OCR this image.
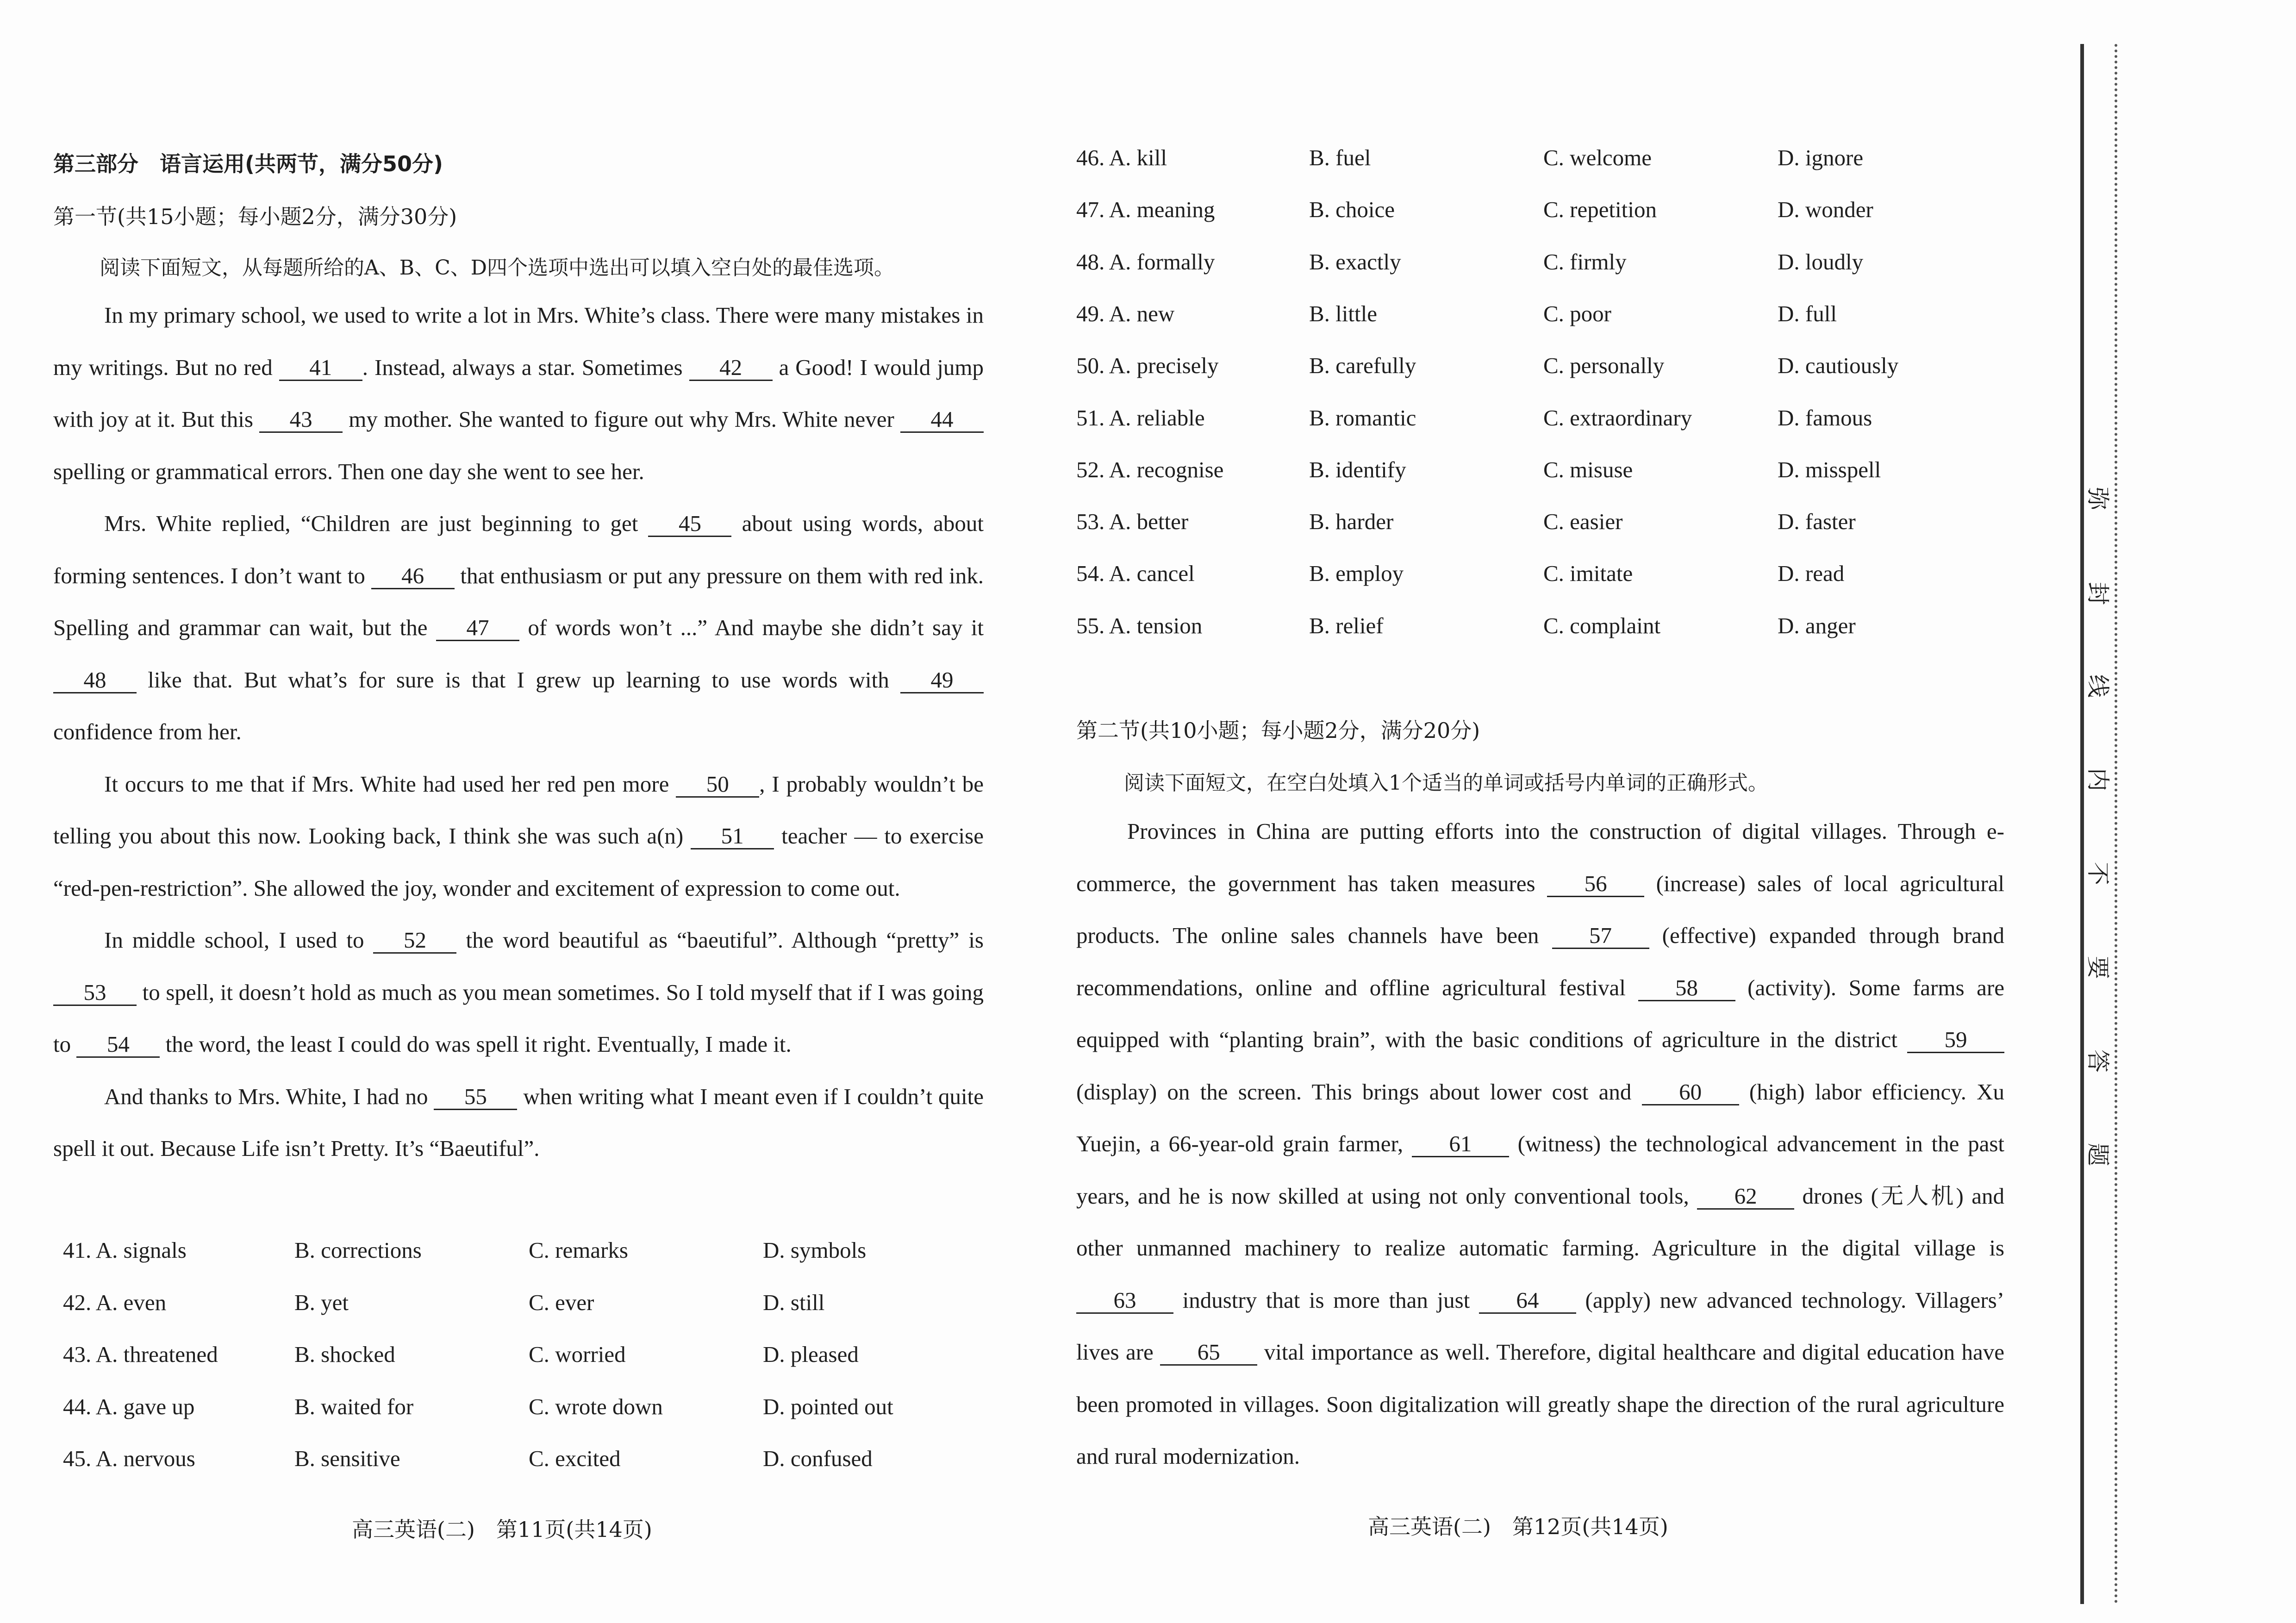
第三部分　语言运用(共两节，满分50分)
第一节(共15小题；每小题2分，满分30分)
阅读下面短文，从每题所给的A、B、C、D四个选项中选出可以填入空白处的最佳选项。

In my primary school, we used to write a lot in Mrs. White’s class. There were many mistakes in my writings. But no red 41 . Instead, always a star. Sometimes 42 a Good! I would jump with joy at it. But this 43 my mother. She wanted to figure out why Mrs. White never 44 spelling or grammatical errors. Then one day she went to see her.

Mrs. White replied, “Children are just beginning to get 45 about using words, about forming sentences. I don’t want to 46 that enthusiasm or put any pressure on them with red ink. Spelling and grammar can wait, but the 47 of words won’t ...” And maybe she didn’t say it 48 like that. But what’s for sure is that I grew up learning to use words with 49 confidence from her.

It occurs to me that if Mrs. White had used her red pen more 50 , I probably wouldn’t be telling you about this now. Looking back, I think she was such a(n) 51 teacher — to exercise “red-pen-restriction”. She allowed the joy, wonder and excitement of expression to come out.

In middle school, I used to 52 the word beautiful as “baeutiful”. Although “pretty” is 53 to spell, it doesn’t hold as much as you mean sometimes. So I told myself that if I was going to 54 the word, the least I could do was spell it right. Eventually, I made it.

And thanks to Mrs. White, I had no 55 when writing what I meant even if I couldn’t quite spell it out. Because Life isn’t Pretty. It’s “Baeutiful”.

41. A. signals	B. corrections	C. remarks	D. symbols
42. A. even	B. yet	C. ever	D. still
43. A. threatened	B. shocked	C. worried	D. pleased
44. A. gave up	B. waited for	C. wrote down	D. pointed out
45. A. nervous	B. sensitive	C. excited	D. confused
高三英语(二)　第11页(共14页)
46. A. kill	B. fuel	C. welcome	D. ignore
47. A. meaning	B. choice	C. repetition	D. wonder
48. A. formally	B. exactly	C. firmly	D. loudly
49. A. new	B. little	C. poor	D. full
50. A. precisely	B. carefully	C. personally	D. cautiously
51. A. reliable	B. romantic	C. extraordinary	D. famous
52. A. recognise	B. identify	C. misuse	D. misspell
53. A. better	B. harder	C. easier	D. faster
54. A. cancel	B. employ	C. imitate	D. read
55. A. tension	B. relief	C. complaint	D. anger
第二节(共10小题；每小题2分，满分20分)
阅读下面短文，在空白处填入1个适当的单词或括号内单词的正确形式。

Provinces in China are putting efforts into the construction of digital villages. Through e-commerce, the government has taken measures 56 (increase) sales of local agricultural products. The online sales channels have been 57 (effective) expanded through brand recommendations, online and offline agricultural festival 58 (activity). Some farms are equipped with “planting brain”, with the basic conditions of agriculture in the district 59 (display) on the screen. This brings about lower cost and 60 (high) labor efficiency. Xu Yuejin, a 66-year-old grain farmer, 61 (witness) the technological advancement in the past years, and he is now skilled at using not only conventional tools, 62 drones (无人机) and other unmanned machinery to realize automatic farming. Agriculture in the digital village is 63 industry that is more than just 64 (apply) new advanced technology. Villagers’ lives are 65 vital importance as well. Therefore, digital healthcare and digital education have been promoted in villages. Soon digitalization will greatly shape the direction of the rural agriculture and rural modernization.

高三英语(二)　第12页(共14页)
弥
封
线
内
不
要
答
题
